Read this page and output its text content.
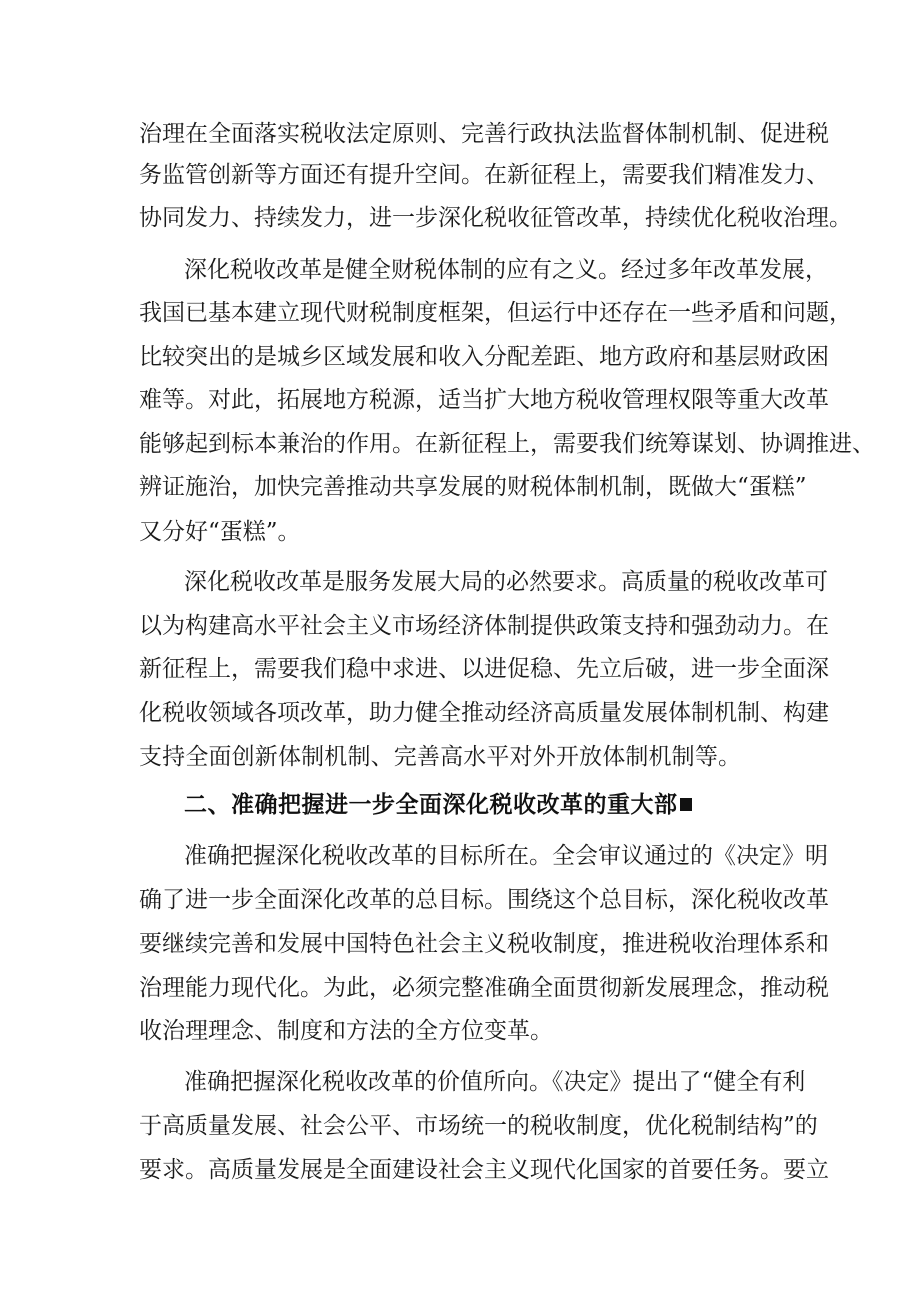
治理在全面落实税收法定原则、完善行政执法监督体制机制、促进税
务监管创新等方面还有提升空间。在新征程上，需要我们精准发力、
协同发力、持续发力，进一步深化税收征管改革，持续优化税收治理。
深化税收改革是健全财税体制的应有之义。经过多年改革发展，
我国已基本建立现代财税制度框架，但运行中还存在一些矛盾和问题，
比较突出的是城乡区域发展和收入分配差距、地方政府和基层财政困
难等。对此，拓展地方税源，适当扩大地方税收管理权限等重大改革
能够起到标本兼治的作用。在新征程上，需要我们统筹谋划、协调推进、
辨证施治，加快完善推动共享发展的财税体制机制，既做大“蛋糕”
又分好“蛋糕”。
深化税收改革是服务发展大局的必然要求。高质量的税收改革可
以为构建高水平社会主义市场经济体制提供政策支持和强劲动力。在
新征程上，需要我们稳中求进、以进促稳、先立后破，进一步全面深
化税收领域各项改革，助力健全推动经济高质量发展体制机制、构建
支持全面创新体制机制、完善高水平对外开放体制机制等。
二、准确把握进一步全面深化税收改革的重大部
准确把握深化税收改革的目标所在。全会审议通过的《决定》明
确了进一步全面深化改革的总目标。围绕这个总目标，深化税收改革
要继续完善和发展中国特色社会主义税收制度，推进税收治理体系和
治理能力现代化。为此，必须完整准确全面贯彻新发展理念，推动税
收治理理念、制度和方法的全方位变革。
准确把握深化税收改革的价值所向。《决定》提出了“健全有利
于高质量发展、社会公平、市场统一的税收制度，优化税制结构”的
要求。高质量发展是全面建设社会主义现代化国家的首要任务。要立
